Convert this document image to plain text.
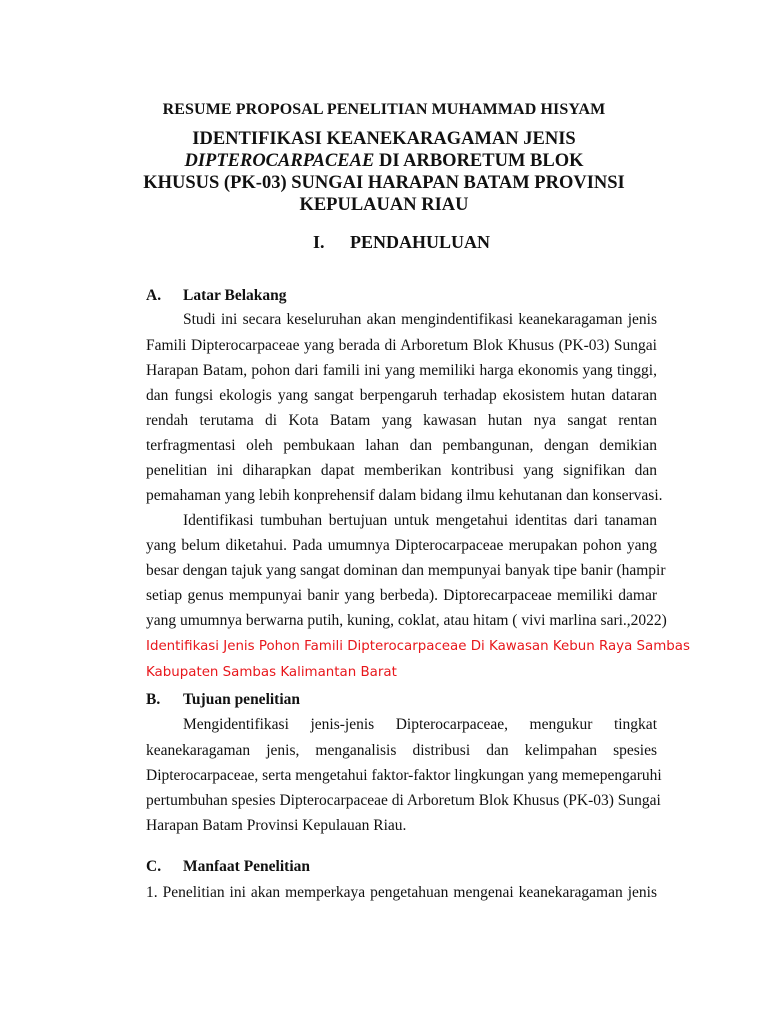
RESUME PROPOSAL PENELITIAN MUHAMMAD HISYAM
IDENTIFIKASI KEANEKARAGAMAN JENIS
DIPTEROCARPACEAE DI ARBORETUM BLOK
KHUSUS (PK-03) SUNGAI HARAPAN BATAM PROVINSI
KEPULAUAN RIAU
I. PENDAHULUAN
A. Latar Belakang
Studi ini secara keseluruhan akan mengindentifikasi keanekaragaman jenis
Famili Dipterocarpaceae yang berada di Arboretum Blok Khusus (PK-03) Sungai
Harapan Batam, pohon dari famili ini yang memiliki harga ekonomis yang tinggi,
dan fungsi ekologis yang sangat berpengaruh terhadap ekosistem hutan dataran
rendah terutama di Kota Batam yang kawasan hutan nya sangat rentan
terfragmentasi oleh pembukaan lahan dan pembangunan, dengan demikian
penelitian ini diharapkan dapat memberikan kontribusi yang signifikan dan
pemahaman yang lebih konprehensif dalam bidang ilmu kehutanan dan konservasi.
Identifikasi tumbuhan bertujuan untuk mengetahui identitas dari tanaman
yang belum diketahui. Pada umumnya Dipterocarpaceae merupakan pohon yang
besar dengan tajuk yang sangat dominan dan mempunyai banyak tipe banir (hampir
setiap genus mempunyai banir yang berbeda). Diptorecarpaceae memiliki damar
yang umumnya berwarna putih, kuning, coklat, atau hitam ( vivi marlina sari.,2022)
Identifikasi Jenis Pohon Famili Dipterocarpaceae Di Kawasan Kebun Raya Sambas
Kabupaten Sambas Kalimantan Barat
B. Tujuan penelitian
Mengidentifikasi jenis-jenis Dipterocarpaceae, mengukur tingkat
keanekaragaman jenis, menganalisis distribusi dan kelimpahan spesies
Dipterocarpaceae, serta mengetahui faktor-faktor lingkungan yang memepengaruhi
pertumbuhan spesies Dipterocarpaceae di Arboretum Blok Khusus (PK-03) Sungai
Harapan Batam Provinsi Kepulauan Riau.
C. Manfaat Penelitian
1. Penelitian ini akan memperkaya pengetahuan mengenai keanekaragaman jenis
